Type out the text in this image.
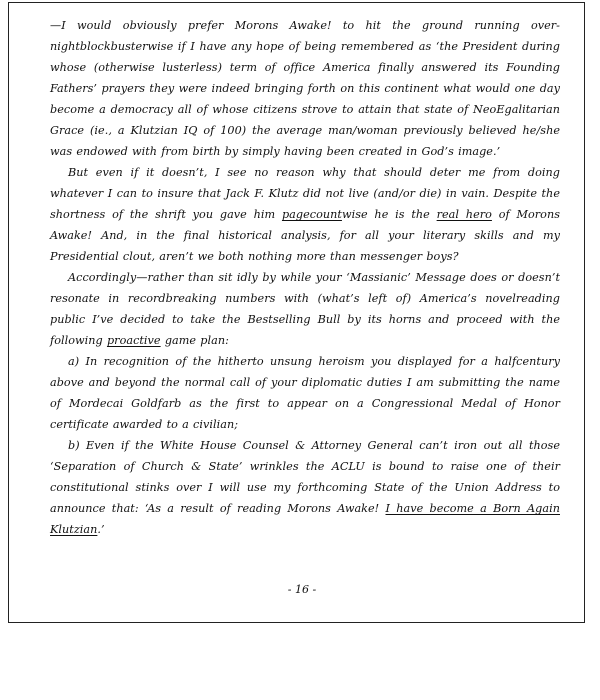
—I would obviously prefer Morons Awake! to hit the ground running over-nightblockbusterwise if I have any hope of being remembered as ‘the President during whose (otherwise lusterless) term of office America finally answered its Founding Fathers’ prayers they were indeed bringing forth on this continent what would one day become a democracy all of whose citizens strove to attain that state of NeoEgalitarian Grace (ie., a Klutzian IQ of 100) the average man/woman previously believed he/she was endowed with from birth by simply having been created in God’s image.’

But even if it doesn’t, I see no reason why that should deter me from doing whatever I can to insure that Jack F. Klutz did not live (and/or die) in vain. Despite the shortness of the shrift you gave him pagecountwise he is the real hero of Morons Awake! And, in the final historical analysis, for all your literary skills and my Presidential clout, aren’t we both nothing more than messenger boys?

Accordingly—rather than sit idly by while your ‘Massianic’ Message does or doesn’t resonate in recordbreaking numbers with (what’s left of) America’s novelreading public I’ve decided to take the Bestselling Bull by its horns and proceed with the following proactive game plan:

a) In recognition of the hitherto unsung heroism you displayed for a halfcentury above and beyond the normal call of your diplomatic duties I am submitting the name of Mordecai Goldfarb as the first to appear on a Congressional Medal of Honor certificate awarded to a civilian;

b) Even if the White House Counsel & Attorney General can’t iron out all those ‘Separation of Church & State’ wrinkles the ACLU is bound to raise one of their constitutional stinks over I will use my forthcoming State of the Union Address to announce that: ‘As a result of reading Morons Awake! I have become a Born Again Klutzian.’

- 16 -
